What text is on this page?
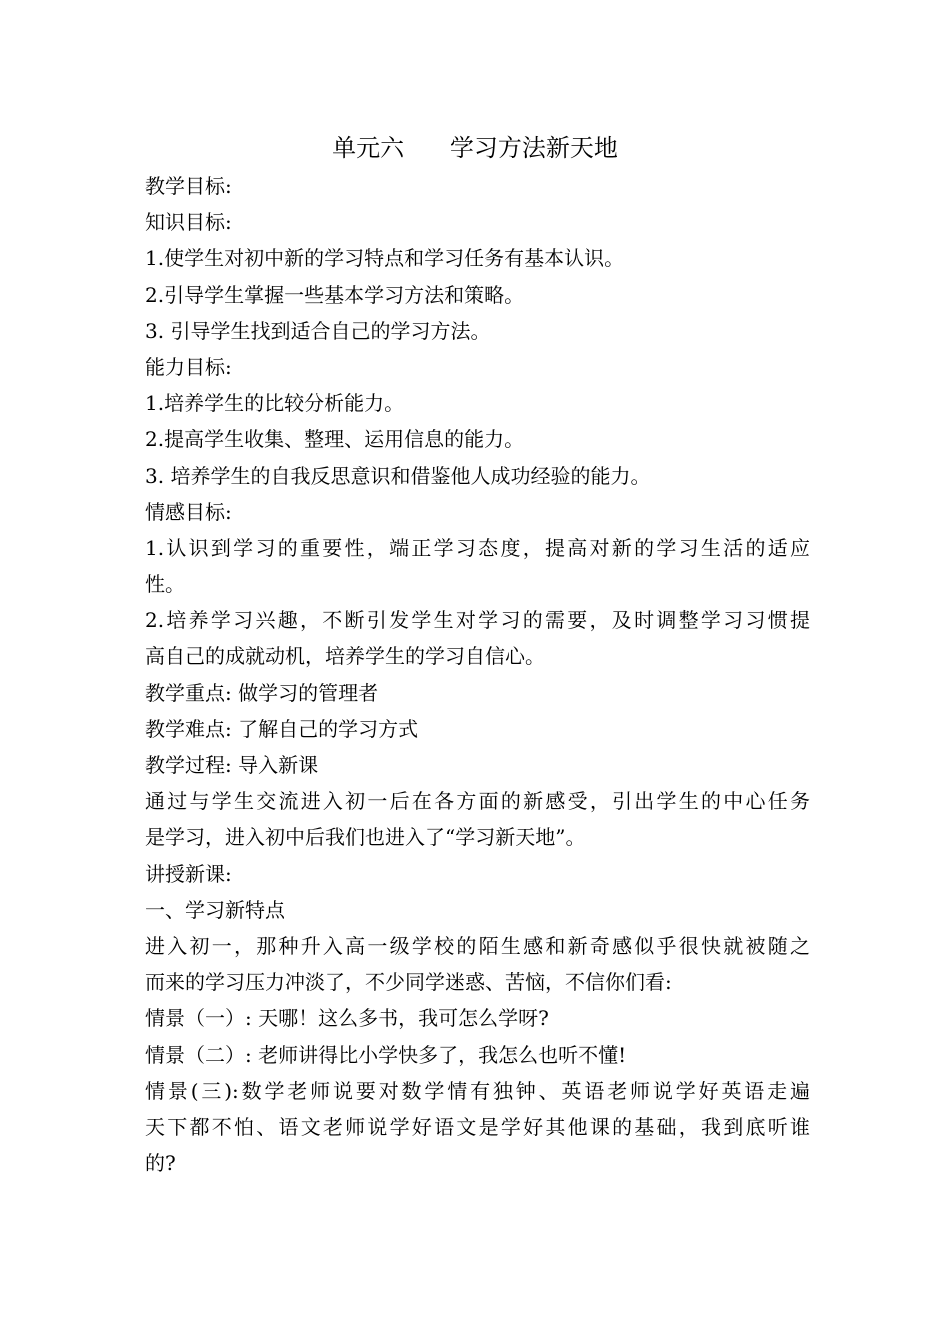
单元六      学习方法新天地
教学目标:
知识目标:
1.使学生对初中新的学习特点和学习任务有基本认识。
2.引导学生掌握一些基本学习方法和策略。
3. 引导学生找到适合自己的学习方法。
能力目标:
1.培养学生的比较分析能力。
2.提高学生收集、整理、运用信息的能力。
3. 培养学生的自我反思意识和借鉴他人成功经验的能力。
情感目标:
1.认识到学习的重要性，端正学习态度，提高对新的学习生活的适应
性。
2.培养学习兴趣，不断引发学生对学习的需要，及时调整学习习惯提
高自己的成就动机，培养学生的学习自信心。
教学重点: 做学习的管理者
教学难点: 了解自己的学习方式
教学过程: 导入新课
通过与学生交流进入初一后在各方面的新感受，引出学生的中心任务
是学习，进入初中后我们也进入了“学习新天地”。
讲授新课:
一、学习新特点
进入初一，那种升入高一级学校的陌生感和新奇感似乎很快就被随之
而来的学习压力冲淡了，不少同学迷惑、苦恼，不信你们看:
情景（一）: 天哪！这么多书，我可怎么学呀?
情景（二）: 老师讲得比小学快多了，我怎么也听不懂!
情景(三):数学老师说要对数学情有独钟、英语老师说学好英语走遍
天下都不怕、语文老师说学好语文是学好其他课的基础，我到底听谁
的?
